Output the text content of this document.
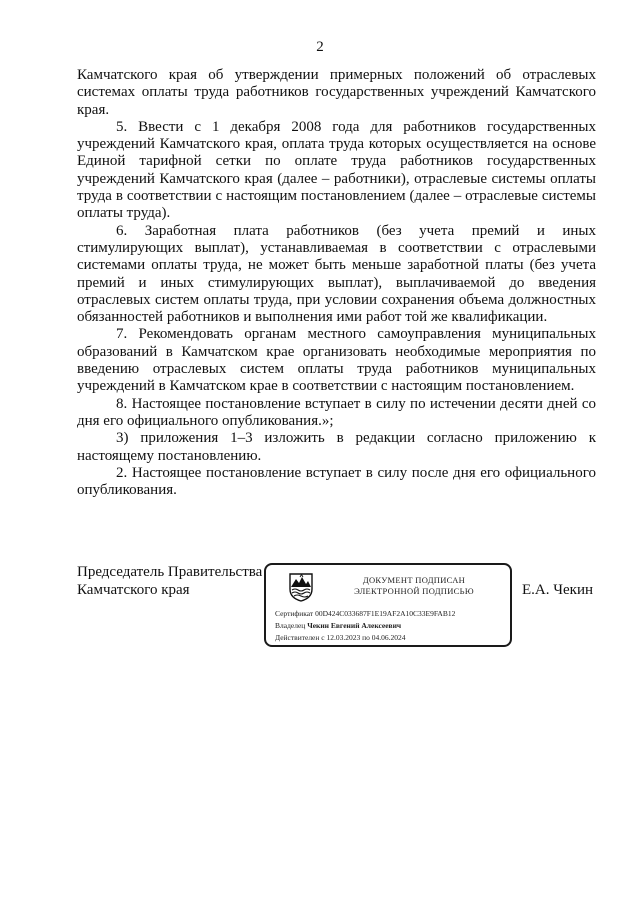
2

Камчатского края об утверждении примерных положений об отраслевых системах оплаты труда работников государственных учреждений Камчатского края.

5. Ввести с 1 декабря 2008 года для работников государственных учреждений Камчатского края, оплата труда которых осуществляется на основе Единой тарифной сетки по оплате труда работников государственных учреждений Камчатского края (далее – работники), отраслевые системы оплаты труда в соответствии с настоящим постановлением (далее – отраслевые системы оплаты труда).

6. Заработная плата работников (без учета премий и иных стимулирующих выплат), устанавливаемая в соответствии с отраслевыми системами оплаты труда, не может быть меньше заработной платы (без учета премий и иных стимулирующих выплат), выплачиваемой до введения отраслевых систем оплаты труда, при условии сохранения объема должностных обязанностей работников и выполнения ими работ той же квалификации.

7. Рекомендовать органам местного самоуправления муниципальных образований в Камчатском крае организовать необходимые мероприятия по введению отраслевых систем оплаты труда работников муниципальных учреждений в Камчатском крае в соответствии с настоящим постановлением.

8. Настоящее постановление вступает в силу по истечении десяти дней со дня его официального опубликования.»;

3) приложения 1–3 изложить в редакции согласно приложению к настоящему постановлению.

2. Настоящее постановление вступает в силу после дня его официального опубликования.

Председатель Правительства
Камчатского края
ДОКУМЕНТ ПОДПИСАН
ЭЛЕКТРОННОЙ ПОДПИСЬЮ
Сертификат 00D424C033687F1E19AF2A10C33E9FAB12
Владелец Чекин Евгений Алексеевич
Действителен с 12.03.2023 по 04.06.2024
Е.А. Чекин
